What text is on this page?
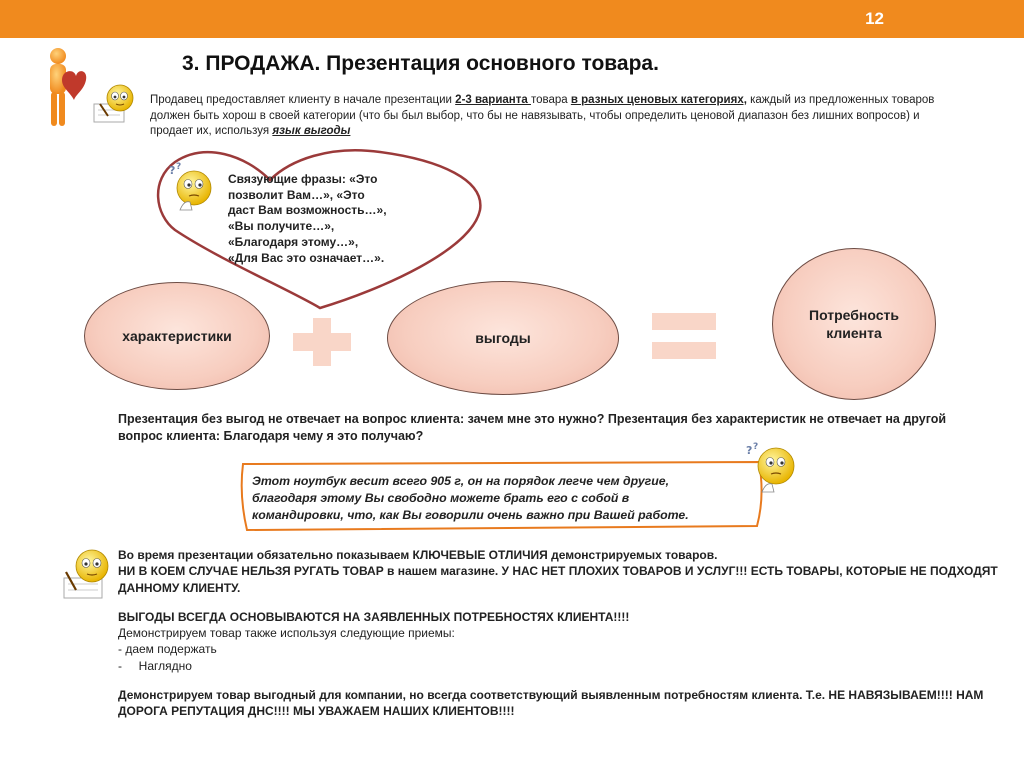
12
3. ПРОДАЖА. Презентация основного товара.
Продавец предоставляет клиенту в начале презентации 2-3 варианта товара в разных ценовых категориях, каждый из предложенных товаров должен быть хорош в своей категории (что бы был выбор, что бы не навязывать, чтобы определить ценовой диапазон без лишних вопросов) и продает их, используя язык выгоды
? ?
Связующие фразы: «Это
позволит Вам…», «Это
даст Вам возможность…»,
«Вы получите…»,
«Благодаря этому…»,
«Для Вас это означает…».
характеристики	выгоды
Потребность
клиента
Презентация без выгод не отвечает на вопрос клиента: зачем мне это нужно? Презентация без характеристик не отвечает на другой вопрос клиента: Благодаря чему я это получаю?
Этот ноутбук весит всего 905 г, он на порядок легче чем другие,
благодаря этому Вы свободно можете брать его с собой в
командировки, что, как Вы говорили очень важно при Вашей работе.
? ?

Во время презентации обязательно показываем КЛЮЧЕВЫЕ ОТЛИЧИЯ демонстрируемых товаров.

НИ В КОЕМ СЛУЧАЕ НЕЛЬЗЯ РУГАТЬ ТОВАР в нашем магазине. У НАС НЕТ ПЛОХИХ ТОВАРОВ И УСЛУГ!!! ЕСТЬ ТОВАРЫ, КОТОРЫЕ НЕ ПОДХОДЯТ ДАННОМУ КЛИЕНТУ.

ВЫГОДЫ ВСЕГДА ОСНОВЫВАЮТСЯ НА ЗАЯВЛЕННЫХ ПОТРЕБНОСТЯХ КЛИЕНТА!!!!

Демонстрируем товар также используя следующие приемы:

- даем подержать

-     Наглядно

Демонстрируем товар выгодный для компании, но всегда соответствующий выявленным потребностям клиента. Т.е. НЕ НАВЯЗЫВАЕМ!!!! НАМ ДОРОГА РЕПУТАЦИЯ ДНС!!!! МЫ УВАЖАЕМ НАШИХ КЛИЕНТОВ!!!!
